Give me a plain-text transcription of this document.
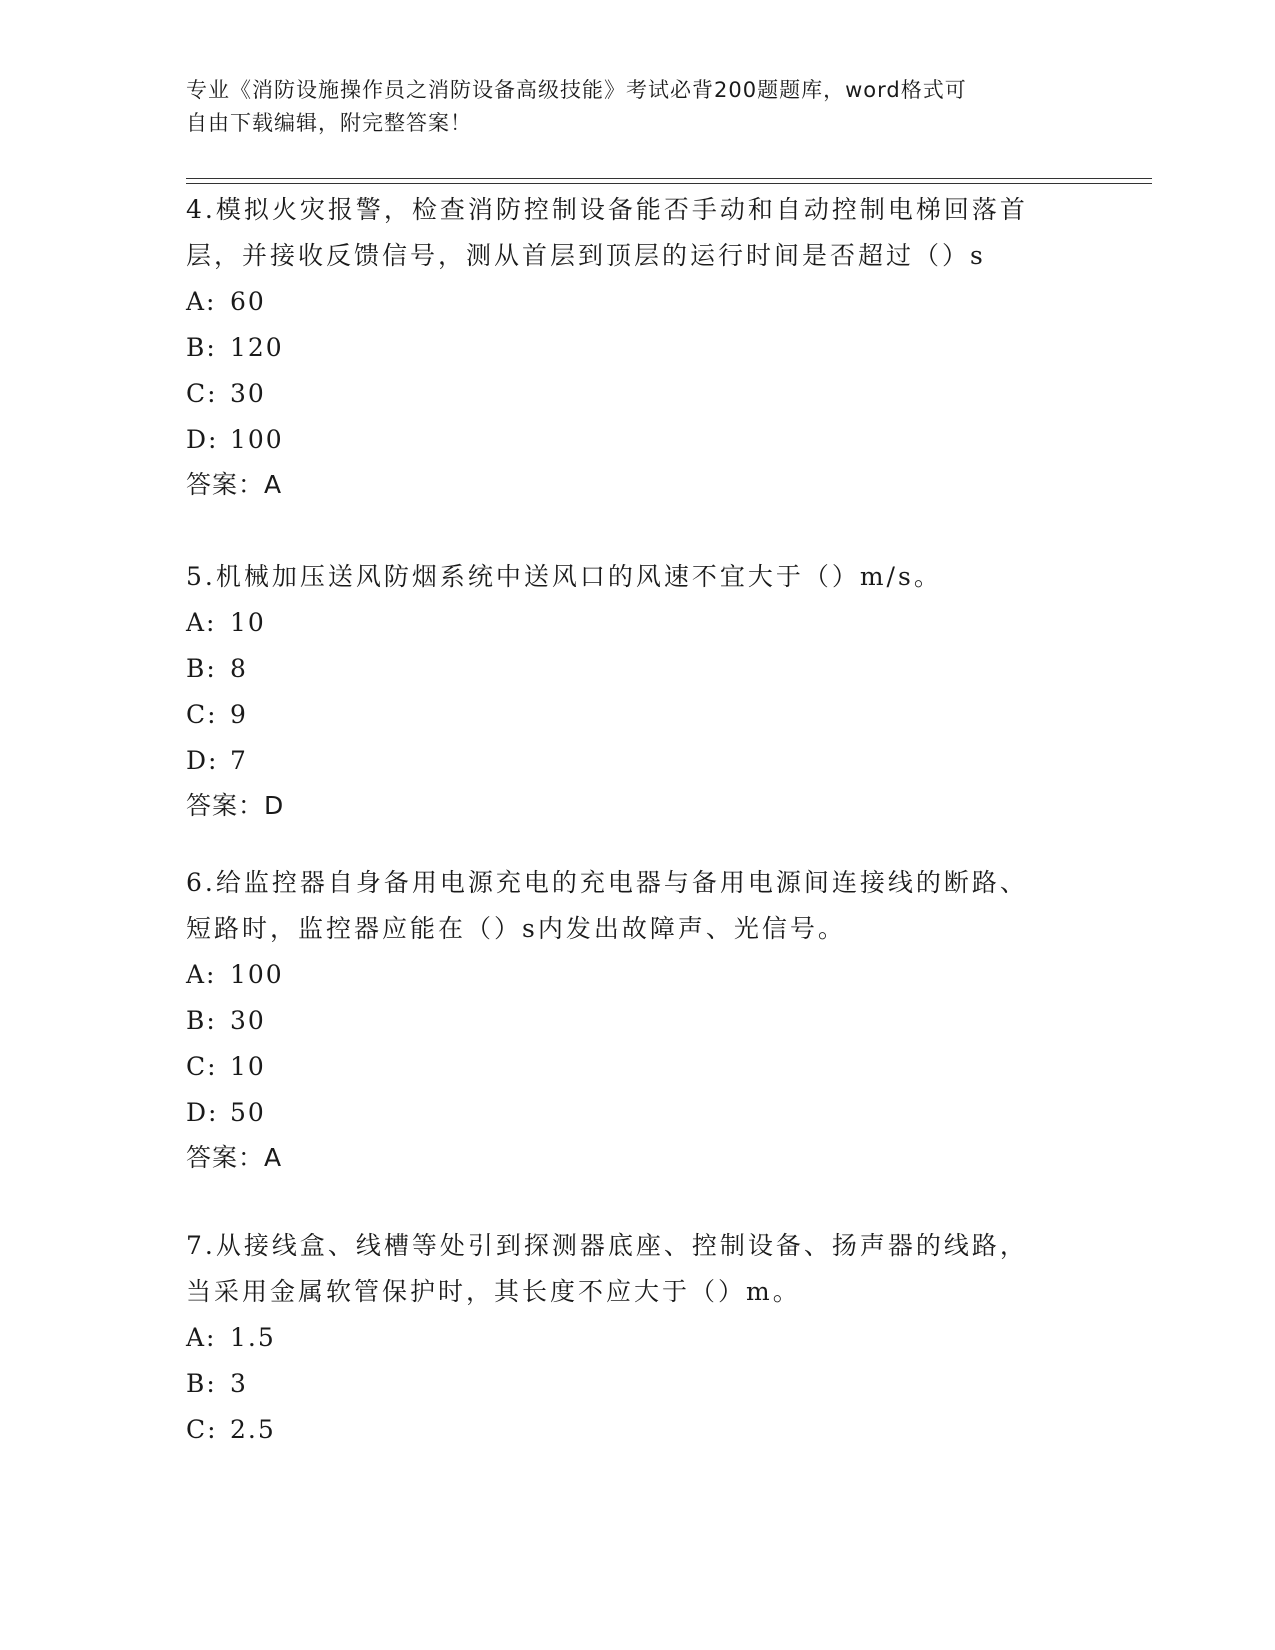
专业《消防设施操作员之消防设备高级技能》考试必背200题题库，word格式可

自由下载编辑，附完整答案！

4.模拟火灾报警，检查消防控制设备能否手动和自动控制电梯回落首

层，并接收反馈信号，测从首层到顶层的运行时间是否超过（）s

A: 60
B: 120
C: 30
D: 100
答案：A

5.机械加压送风防烟系统中送风口的风速不宜大于（）m/s。

A: 10
B: 8
C: 9
D: 7
答案：D

6.给监控器自身备用电源充电的充电器与备用电源间连接线的断路、

短路时，监控器应能在（）s内发出故障声、光信号。

A: 100
B: 30
C: 10
D: 50
答案：A

7.从接线盒、线槽等处引到探测器底座、控制设备、扬声器的线路，

当采用金属软管保护时，其长度不应大于（）m。

A: 1.5
B: 3
C: 2.5
